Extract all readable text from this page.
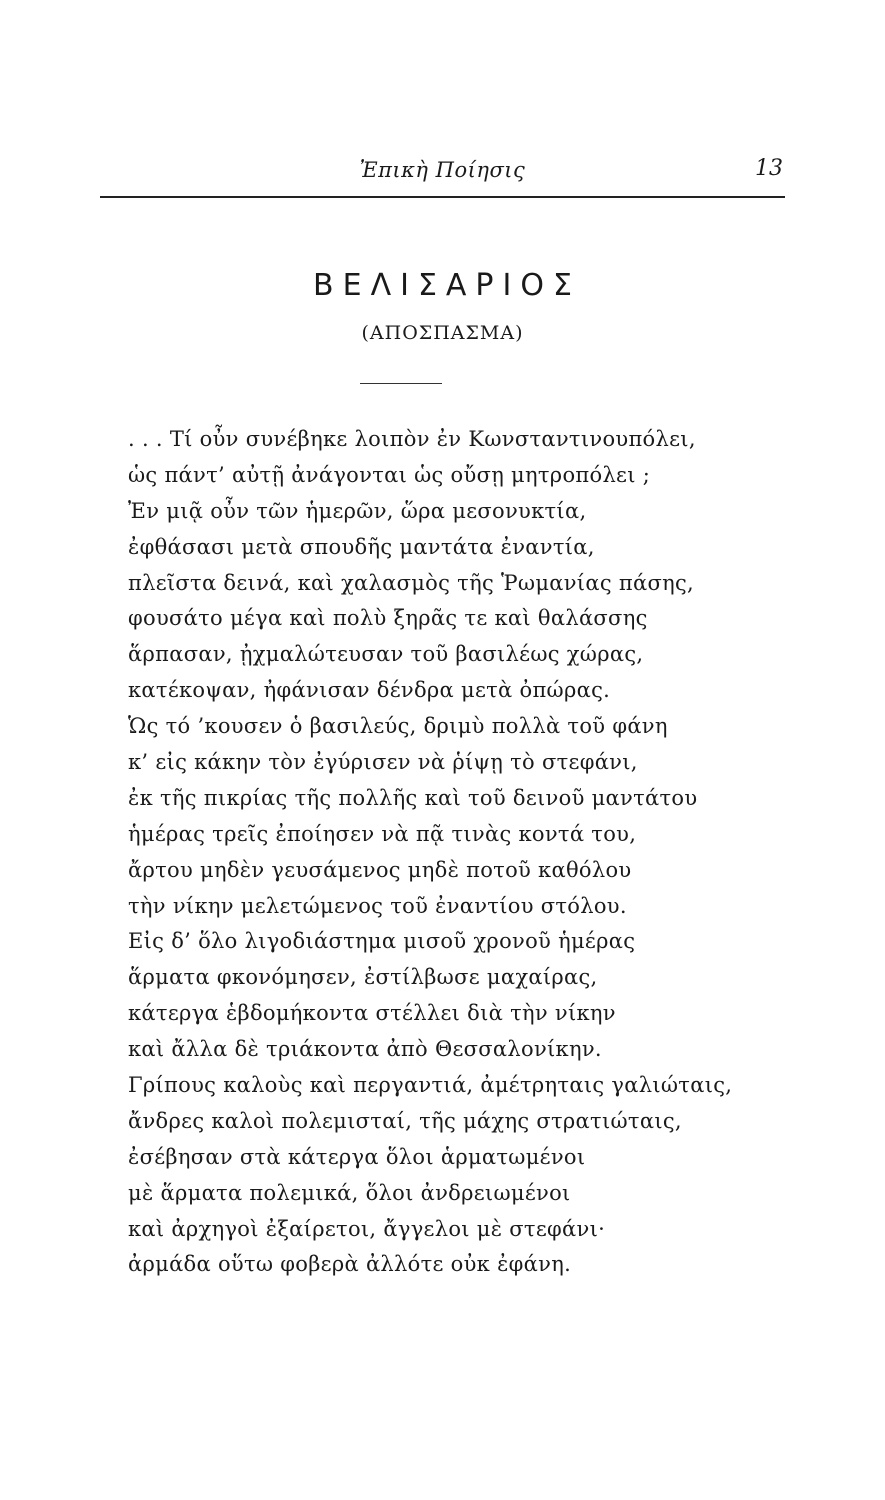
Ἐπικὴ Ποίησις	13
ΒΕΛΙΣΑΡΙΟΣ
(ΑΠΟΣΠΑΣΜΑ)
. . . Τί οὖν συνέβηκε λοιπὸν ἐν Κωνσταντινουπόλει,
ὡς πάντ’ αὐτῇ ἀνάγονται ὡς οὔσῃ μητροπόλει ;
Ἐν μιᾷ οὖν τῶν ἡμερῶν, ὥρα μεσονυκτία,
ἐφθάσασι μετὰ σπουδῆς μαντάτα ἐναντία,
πλεῖστα δεινά, καὶ χαλασμὸς τῆς Ῥωμανίας πάσης,
φουσάτο μέγα καὶ πολὺ ξηρᾶς τε καὶ θαλάσσης
ἅρπασαν, ᾐχμαλώτευσαν τοῦ βασιλέως χώρας,
κατέκοψαν, ἠφάνισαν δένδρα μετὰ ὀπώρας.
Ὡς τό ’κουσεν ὁ βασιλεύς, δριμὺ πολλὰ τοῦ φάνη
κ’ εἰς κάκην τὸν ἐγύρισεν νὰ ῥίψῃ τὸ στεφάνι,
ἐκ τῆς πικρίας τῆς πολλῆς καὶ τοῦ δεινοῦ μαντάτου
ἡμέρας τρεῖς ἐποίησεν νὰ πᾷ τινὰς κοντά του,
ἄρτου μηδὲν γευσάμενος μηδὲ ποτοῦ καθόλου
τὴν νίκην μελετώμενος τοῦ ἐναντίου στόλου.
Εἰς δ’ ὅλο λιγοδιάστημα μισοῦ χρονοῦ ἡμέρας
ἅρματα φκονόμησεν, ἐστίλβωσε μαχαίρας,
κάτεργα ἑβδομήκοντα στέλλει διὰ τὴν νίκην
καὶ ἄλλα δὲ τριάκοντα ἀπὸ Θεσσαλονίκην.
Γρίπους καλοὺς καὶ περγαντιά, ἀμέτρηταις γαλιώταις,
ἄνδρες καλοὶ πολεμισταί, τῆς μάχης στρατιώταις,
ἐσέβησαν στὰ κάτεργα ὅλοι ἁρματωμένοι
μὲ ἅρματα πολεμικά, ὅλοι ἀνδρειωμένοι
καὶ ἀρχηγοὶ ἐξαίρετοι, ἄγγελοι μὲ στεφάνι·
ἀρμάδα οὕτω φοβερὰ ἀλλότε οὐκ ἐφάνη.
